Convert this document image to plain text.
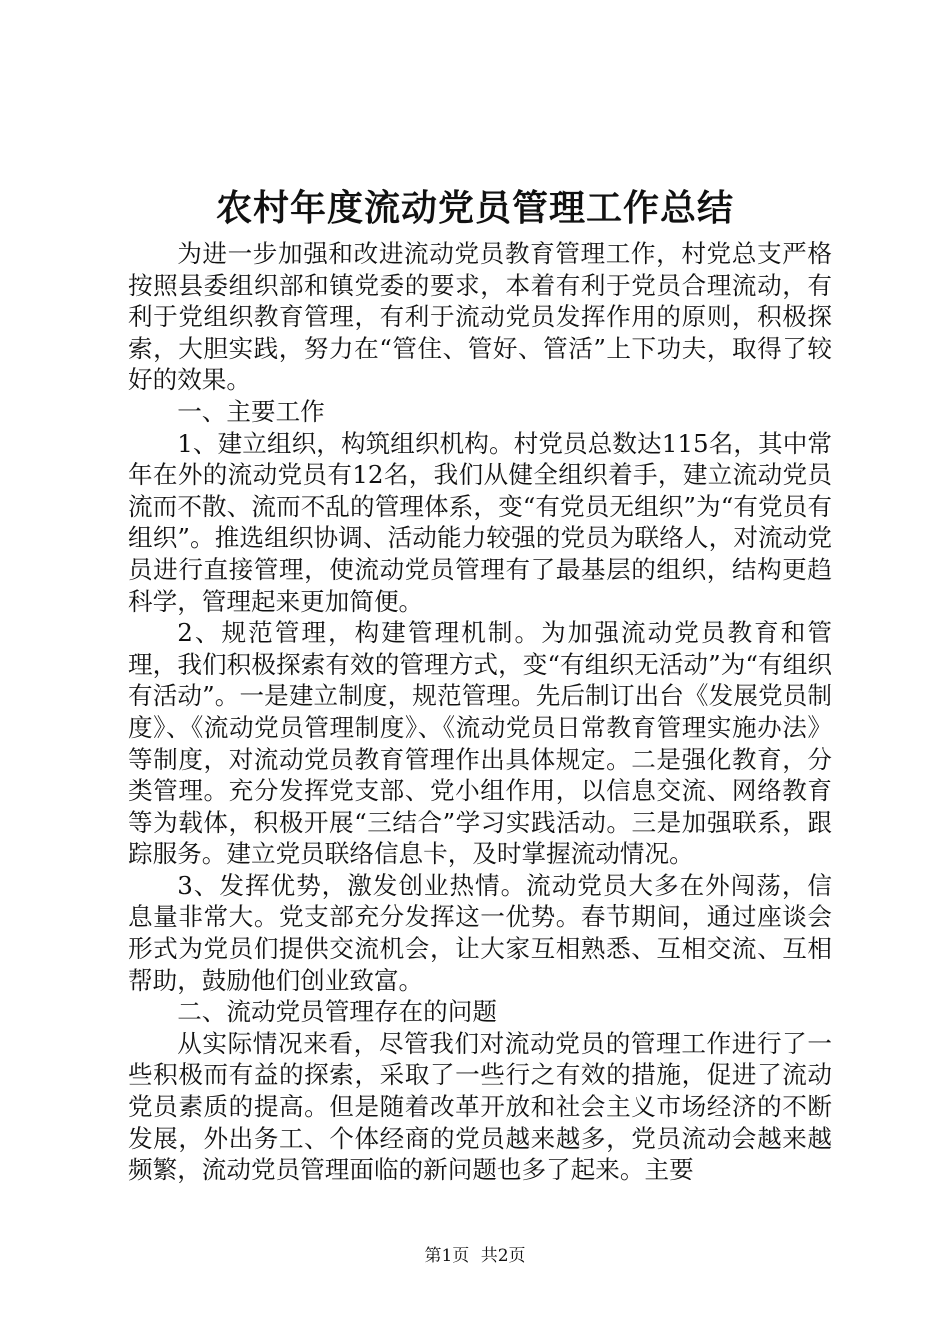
农村年度流动党员管理工作总结

为进一步加强和改进流动党员教育管理工作，村党总支严格按照县委组织部和镇党委的要求，本着有利于党员合理流动，有利于党组织教育管理，有利于流动党员发挥作用的原则，积极探索，大胆实践，努力在“管住、管好、管活”上下功夫，取得了较好的效果。

一、主要工作

1、建立组织，构筑组织机构。村党员总数达115名，其中常年在外的流动党员有12名，我们从健全组织着手，建立流动党员流而不散、流而不乱的管理体系，变“有党员无组织”为“有党员有组织”。推选组织协调、活动能力较强的党员为联络人，对流动党员进行直接管理，使流动党员管理有了最基层的组织，结构更趋科学，管理起来更加简便。

2、规范管理，构建管理机制。为加强流动党员教育和管理，我们积极探索有效的管理方式，变“有组织无活动”为“有组织有活动”。一是建立制度，规范管理。先后制订出台《发展党员制度》、《流动党员管理制度》、《流动党员日常教育管理实施办法》等制度，对流动党员教育管理作出具体规定。二是强化教育，分类管理。充分发挥党支部、党小组作用，以信息交流、网络教育等为载体，积极开展“三结合”学习实践活动。三是加强联系，跟踪服务。建立党员联络信息卡，及时掌握流动情况。

3、发挥优势，激发创业热情。流动党员大多在外闯荡，信息量非常大。党支部充分发挥这一优势。春节期间，通过座谈会形式为党员们提供交流机会，让大家互相熟悉、互相交流、互相帮助，鼓励他们创业致富。

二、流动党员管理存在的问题

从实际情况来看，尽管我们对流动党员的管理工作进行了一些积极而有益的探索，采取了一些行之有效的措施，促进了流动党员素质的提高。但是随着改革开放和社会主义市场经济的不断发展，外出务工、个体经商的党员越来越多，党员流动会越来越频繁，流动党员管理面临的新问题也多了起来。主要

第1页 共2页
